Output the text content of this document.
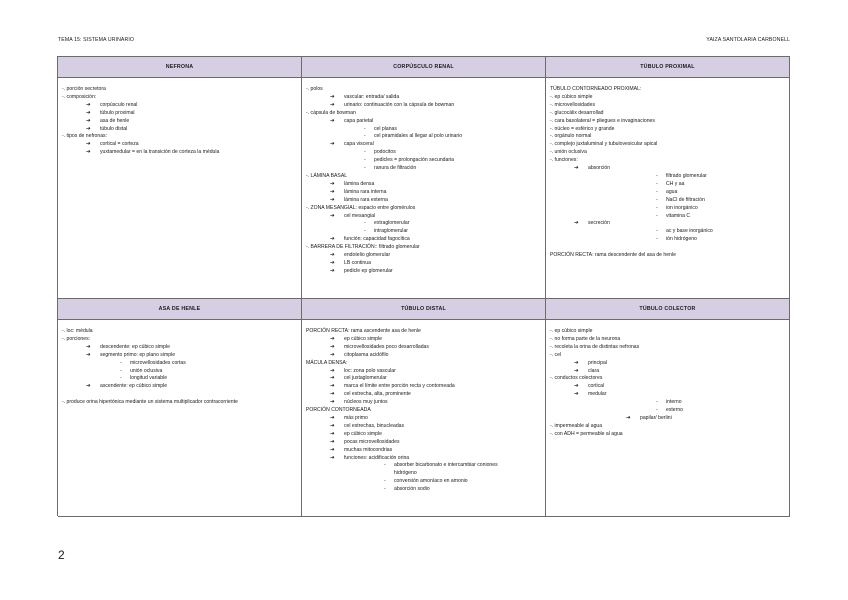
TEMA 15: SISTEMA URINARIO	YAIZA SANTOLARIA CARBONELL
NEFRONA
-. porción secretora
-. composición:
➔ corpúsculo renal
➔ túbulo proximal
➔ asa de henle
➔ túbulo distal
-. tipos de nefronas:
➔ cortical = corteza
➔ yuxtamedular = en la transición de corteza la médula
CORPÚSCULO RENAL
-. polos
➔ vascular: entrada/ salida
➔ urinario: continuación con la cápsula de bowman
-. cápsula de bowman
➔ capa parietal
- cel planas
- cel piramidales al llegar al polo urinario
➔ capa visceral
- podocitos
- pedicles = prolongación secundaria
- ranura de filtración
-. LÁMINA BASAL
➔ lámina densa
➔ lámina rara interna
➔ lámina rara externa
-. ZONA MESANGIAL: espacio entre glomérulos
➔ cel mesangial
- extraglomerular
- intraglomerular
➔ función: capacidad fagocítica
-. BARRERA DE FILTRACIÓN:: filtrado glomerular
➔ endotelio glomerular
➔ LB continua
➔ pedicle ep glomerular
TÚBULO PROXIMAL
TÚBULO CONTORNEADO PROXIMAL:
-. ep cúbico simple
-. microvellosidades
-. glucocálix desarrollad
-. cara basolateral = pliegues e invaginaciones
-. núcleo = esférico y grande
-. orgánulo normal
-. complejo juxtaluminal y tubulovesicular apical
-. unión oclusiva
-. funciones:
➔ absorción
- filtrado glomerular
- CH y aa
- agua
- NaCl de filtración
- ion inorgánico
- vitamina C
➔ secreción
- ac y base inorgánico
- ión hidrógeno
PORCIÓN RECTA: rama descendente del asa de henle
ASA DE HENLE
-. loc: médula
-. porciones:
➔ descendente: ep cúbico simple
➔ segmento primo: ep plano simple
- microvellosidades cortas
- unión oclusiva
- longitud variable
➔ ascendente: ep cúbico simple
-. produce orina hipertónica mediante un sistema multiplicador contracorriente
TÚBULO DISTAL
PORCIÓN RECTA: rama ascendente asa de henle
➔ ep cúbico simple
➔ microvellosidades poco desarrolladas
➔ citoplasma acidófilo
MÁCULA DENSA:
➔ loc: zona polo vascular
➔ cel juxtaglomerular
➔ marca el límite entre porción recta y contorneada
➔ cel estrecha, alta, prominente
➔ núcleos muy juntos
PORCIÓN CONTORNEADA
➔ más primo
➔ cel estrechas, binucleadas
➔ ep cúbico simple
➔ pocas microvellosidades
➔ muchas mitocondrias
➔ funciones: acidificación orina
- absorber bicarbonato e intercambiar coniones
hidrógeno
- conversión amoníaco en amonio
- absorción sodio
TÚBULO COLECTOR
-. ep cúbico simple
-. no forma parte de la neurona
-. recoleta la orina de distintas nefronas
-. cel
➔ principal
➔ clara
-. conductos colectores
➔ cortical
➔ medular
- interno
- externo
➔ papilar/ berlini
-. impermeable al agua
-. con ADH = permeable al agua
2
